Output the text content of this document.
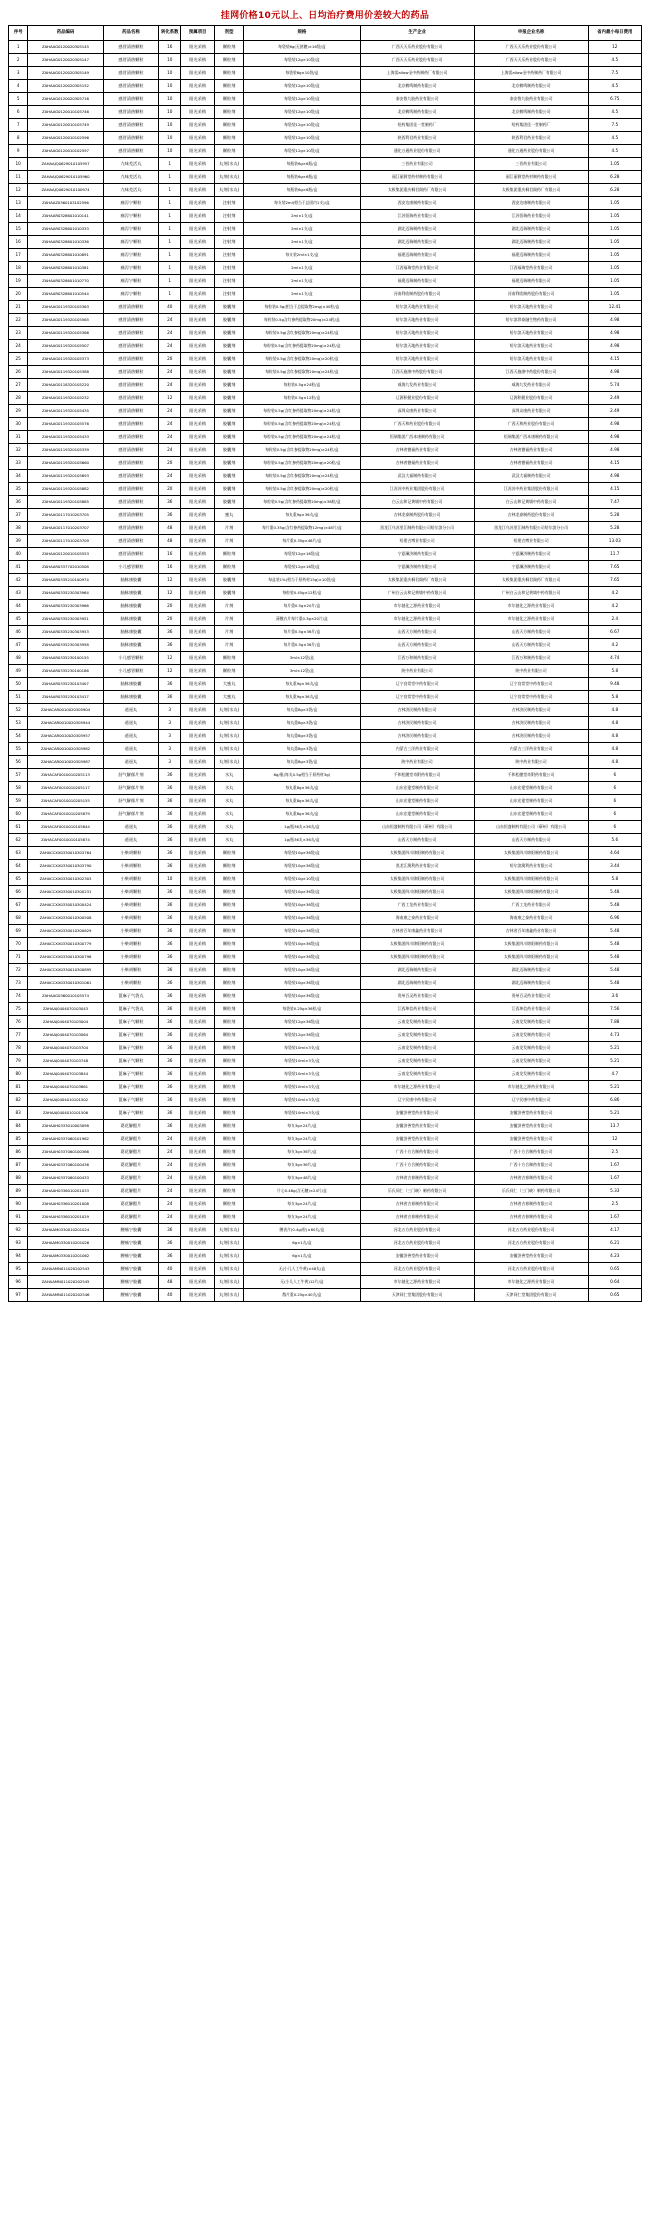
挂网价格10元以上、日均治疗费用价差较大的药品
序号	药品编码	药品名称	转化系数	预属项目	剂型	规格	生产企业	申报企业名称	省内最小每日费用
1	ZAHAAG0120020305145	感冒清热颗粒	16	阳光采购	颗粒剂	每袋装6g(无蔗糖)×16袋/盒	广西天天乐药业股份有限公司	广西天天乐药业股份有限公司	12
2	ZAHAAG0120020305147	感冒清热颗粒	10	阳光采购	颗粒剂	每袋装12g×10袋/盒	广西天天乐药业股份有限公司	广西天天乐药业股份有限公司	4.5
3	ZAHAAG0120020305149	感冒清热颗粒	10	阳光采购	颗粒剂	每袋装6g×10袋/盒	上海雷allow圣中药制药厂有限公司	上海雷allow圣中药制药厂有限公司	7.5
4	ZAHAAG0120020305152	感冒清热颗粒	10	阳光采购	颗粒剂	每袋装12g×10袋/盒	北京鹤鸣制药有限公司	北京鹤鸣制药有限公司	4.5
5	ZAHAAG0120020305716	感冒清热颗粒	10	阳光采购	颗粒剂	每袋装12g×10袋/盒	泰安鲁九胶药业有限公司	泰安鲁九胶药业有限公司	6.75
6	ZAHAAG0120010105746	感冒清热颗粒	10	阳光采购	颗粒剂	每袋装12g×10袋/盒	北京鹤鸣制药有限公司	北京鹤鸣制药有限公司	4.5
7	ZAHAAG0120010105749	感冒清热颗粒	10	阳光采购	颗粒剂	每袋装12g×10袋/盒	哈药集团佳一堂制药厂	哈药集团佳一堂制药厂	7.5
8	ZAHAAG0120010102596	感冒清热颗粒	10	阳光采购	颗粒剂	每袋装12g×10袋/盒	陕西利君药业有限公司	陕西利君药业有限公司	4.5
9	ZAHAAG0120010102597	感冒清热颗粒	10	阳光采购	颗粒剂	每袋装12g×10袋/盒	通化万通药业股份有限公司	通化万通药业股份有限公司	4.5
10	ZAHAAJQ0629010105957	九味羌活丸	1	阳光采购	丸剂(水丸)	每瓶装6g×6瓶/盒	三晋药业有限公司	三晋药业有限公司	1.05
11	ZAHAAJQ0629010105960	九味羌活丸	1	阳光采购	丸剂(水丸)	每瓶装6g×6瓶/盒	丽江丽源堂药材制药有限公司	丽江丽源堂药材制药有限公司	6.28
12	ZAHAAJQ0629010100974	九味羌活丸	1	阳光采购	丸剂(水丸)	每瓶装6g×6瓶/盒	太极集团重庆桐君阁药厂有限公司	太极集团重庆桐君阁药厂有限公司	6.28
13	ZAHAAZ0360103102596	痛泻宁颗粒	1	阳光采购	注射剂	每支装2ml(相当于总固内1支)/盒	西安边康制药有限公司	西安边康制药有限公司	1.05
14	ZAHAAR0328601010141	痛泻宁颗粒	1	阳光采购	注射剂	2ml×1支/盒	江苏恒瑞药业有限公司	江苏恒瑞药业有限公司	1.05
15	ZAHAAR0328601010333	痛泻宁颗粒	1	阳光采购	注射剂	2ml×1支/盒	湖北迈瑞制药有限公司	湖北迈瑞制药有限公司	1.05
16	ZAHAAR0328601010336	痛泻宁颗粒	1	阳光采购	注射剂	2ml×1支/盒	湖北迈瑞制药有限公司	湖北迈瑞制药有限公司	1.05
17	ZAHAAR0328601010891	痛泻宁颗粒	1	阳光采购	注射剂	每支装2ml×1支/盒	福建迈瑞制药有限公司	福建迈瑞制药有限公司	1.05
18	ZAHAAR0328601010381	痛泻宁颗粒	1	阳光采购	注射剂	2ml×1支/盒	江西福瑞堂药业有限公司	江西福瑞堂药业有限公司	1.05
19	ZAHAAR0328601010770	痛泻宁颗粒	1	阳光采购	注射剂	2ml×1支/盒	福建迈瑞制药有限公司	福建迈瑞制药有限公司	1.05
20	ZAHAAR0328601010544	痛泻宁颗粒	1	阳光采购	注射剂	2ml×1支/盒	河南利欣制药股份有限公司	河南利欣制药股份有限公司	1.05
21	ZAHAAG0119320105363	感冒清热颗粒	40	阳光采购	胶囊剂	每粒装0.5g(相当于总提取物2mg)×40粒/盒	哈尔滨天地药业有限公司	哈尔滨天地药业有限公司	12.41
22	ZAHAAG0119320105565	感冒清热颗粒	24	阳光采购	胶囊剂	每粒装0.5g含红参药提取物20mg)×24粒/盒	哈尔滨天地药业有限公司	哈尔滨珍泰融生物药有限公司	4.98
23	ZAHAAG0119320105366	感冒清热颗粒	24	阳光采购	胶囊剂	每粒装0.5g(含红参提取物20mg)×24粒/盒	哈尔滨天地药业有限公司	哈尔滨天地药业有限公司	4.98
24	ZAHAAG0119320105507	感冒清热颗粒	24	阳光采购	胶囊剂	每粒装0.5g(含红参药提取物20mg)×24粒/盒	哈尔滨天地药业有限公司	哈尔滨天地药业有限公司	4.98
25	ZAHAAG0119320105373	感冒清热颗粒	20	阳光采购	胶囊剂	每粒装0.5g(含红参提取物20mg)×20粒/盒	哈尔滨天地药业有限公司	哈尔滨天地药业有限公司	4.15
26	ZAHAAG0119320105388	感冒清热颗粒	24	阳光采购	胶囊剂	每粒装0.5g(含红参提取物20mg)×24粒/盒	江西天施康中药股份有限公司	江西天施康中药股份有限公司	4.98
27	ZAHAAG0118320105220	感冒清热颗粒	24	阳光采购	胶囊剂	每粒装0.5g×24粒/盒	威海九发药业有限公司	威海九发药业有限公司	5.74
28	ZAHAAG0119320105232	感冒清热颗粒	12	阳光采购	胶囊剂	每粒装0.5g×12粒/盒	辽源积健业股份有限公司	辽源积健业股份有限公司	2.49
29	ZAHAAG0119320105435	感冒清热颗粒	24	阳光采购	胶囊剂	每粒装0.5g(含红参药提取物20mg)×24粒/盒	深圳众康药业有限公司	深圳众康药业有限公司	2.49
30	ZAHAAG0119320105576	感冒清热颗粒	24	阳光采购	胶囊剂	每粒装0.5g(含红参药提取物20mg)×24粒/盒	广西天和药业股份有限公司	广西天和药业股份有限公司	4.98
31	ZAHAAG0119320105433	感冒清热颗粒	24	阳光采购	胶囊剂	每粒装0.5g(含红参药提取物20mg)×24粒/盒	恒瑞集团广西本康制药有限公司	恒瑞集团广西本康制药有限公司	4.98
32	ZAHAAG0119320105339	感冒清热颗粒	24	阳光采购	胶囊剂	每粒装0.5g(含红参提取物20mg)×24粒/盒	吉林省德福药业有限公司	吉林省德福药业有限公司	4.98
33	ZAHAAG0119320105660	感冒清热颗粒	20	阳光采购	胶囊剂	每粒装0.5g(含红参药提取物20mg)×20粒/盒	吉林省德福药业有限公司	吉林省德福药业有限公司	4.15
34	ZAHAAG0119320105693	感冒清热颗粒	24	阳光采购	胶囊剂	每粒装0.5g(含红参提取物20mg)×24粒/盒	武汉大福制药有限公司	武汉大福制药有限公司	4.98
35	ZAHAAG0119320105882	感冒清热颗粒	20	阳光采购	胶囊剂	每粒装0.5g(含红参提取物20mg)×20粒/盒	江苏苏中药业集团股份有限公司	江苏苏中药业集团股份有限公司	4.15
36	ZAHAAG0119320105885	感冒清热颗粒	36	阳光采购	胶囊剂	每粒装0.5g(含红参药提取物20mg)×36粒/盒	白云山和记黄埔中药有限公司	白云山和记黄埔中药有限公司	7.47
37	ZAHAAG0117010203705	感冒清热颗粒	36	阳光采购	蜜丸	每丸重9g×36丸/盒	吉林龙泰制药股份有限公司	吉林龙泰制药股份有限公司	5.28
38	ZAHAAG0117010203707	感冒清热颗粒	48	阳光采购	片剂	每片重0.35g(含红参药提取物12mg)×48片/盒	黑龙江乌苏里江制药有限公司哈尔滨分公司	黑龙江乌苏里江制药有限公司哈尔滨分公司	5.28
39	ZAHAAG0117010203709	感冒清热颗粒	48	阳光采购	片剂	每片重0.35g×48片/盒	哈建吉博业有限公司	哈建吉博业有限公司	13.03
40	ZAHAAG0120010105553	感冒清热颗粒	16	阳光采购	颗粒剂	每袋装12g×16袋/盒	宁夏澜济制药有限公司	宁夏澜济制药有限公司	11.7
41	ZAHAAR0337702010508	小儿感冒颗粒	16	阳光采购	颗粒剂	每袋装12g×16袋/盒	宁夏澜济制药有限公司	宁夏澜济制药有限公司	7.65
42	ZAHAAR0335210100974	脑脉康胶囊	12	阳光采购	胶囊剂	每盒装1%(相当于原药材15g)×10袋/盒	太极集团重庆桐君阁药厂有限公司	太极集团重庆桐君阁药厂有限公司	7.65
43	ZAHAAR0335230303964	脑脉康胶囊	12	阳光采购	胶囊剂	每粒装0.45g×12粒/盒	广州白云山和记黄埔中药有限公司	广州白云山和记黄埔中药有限公司	4.2
44	ZAHAAR0335230303966	脑脉康胶囊	20	阳光采购	片剂	每片重0.5g×20片/盒	市尔驰化之源药业有限公司	市尔驰化之源药业有限公司	4.2
45	ZAHAAR0335230303951	脑脉康胶囊	20	阳光采购	片剂	薄膜衣片每片重0.3g×20片/盒	市尔驰化之源药业有限公司	市尔驰化之源药业有限公司	2.4
46	ZAHAAR0335230303953	脑脉康胶囊	36	阳光采购	片剂	每片重0.5g×36片/盒	山西天方制药有限公司	山西天方制药有限公司	6.67
47	ZAHAAR0335230303958	脑脉康胶囊	36	阳光采购	片剂	每片重0.5g×36片/盒	山西天方制药有限公司	山西天方制药有限公司	4.2
48	ZAHAAR0335230100155	小儿感冒颗粒	12	阳光采购	颗粒剂	3ml×12袋/盒	江西万和制药有限公司	江西万和制药有限公司	4.74
49	ZAHAAR0335230100186	小儿感冒颗粒	12	阳光采购	颗粒剂	3ml×12袋/盒	陕中药业有限公司	陕中药业有限公司	5.8
50	ZAHAAR0335230103407	脑脉康胶囊	36	阳光采购	大蜜丸	每丸重9g×36丸/盒	辽宁良常堂中药有限公司	辽宁良常堂中药有限公司	9.48
51	ZAHAAR0335230103417	脑脉康胶囊	36	阳光采购	大蜜丸	每丸重9g×36丸/盒	辽宁良常堂中药有限公司	辽宁良常堂中药有限公司	5.8
52	ZAHACAR0010020305904	逍遥丸	3	阳光采购	丸剂(水丸)	每丸重8g×3袋/盒	吉林济民制药有限公司	吉林济民制药有限公司	4.8
53	ZAHACAR0010020305944	逍遥丸	3	阳光采购	丸剂(水丸)	每丸重8g×3袋/盒	吉林济民制药有限公司	吉林济民制药有限公司	4.8
54	ZAHACAR0010020305957	逍遥丸	3	阳光采购	丸剂(水丸)	每丸重8g×3袋/盒	吉林济民制药有限公司	吉林济民制药有限公司	4.8
55	ZAHACAR0010020305982	逍遥丸	3	阳光采购	丸剂(水丸)	每丸重8g×3袋/盒	内蒙古三洋药业有限公司	内蒙古三洋药业有限公司	4.8
56	ZAHACAR0010020305987	逍遥丸	3	阳光采购	丸剂(水丸)	每丸重8g×3袋/盒	陕中药业有限公司	陕中药业有限公司	4.8
57	ZAHACAF0010010205113	舒气解郁片剂	36	阳光采购	水丸	6g/瓶(每丸0.5g相当于原药材3g)	千和松膜堂奇附药有限公司	千和松膜堂奇附药有限公司	6
58	ZAHACAF0010010205117	舒气解郁片剂	36	阳光采购	水丸	每丸重8g×36丸/盒	山东宏建堂制药有限公司	山东宏建堂制药有限公司	6
59	ZAHACAF0010010205155	舒气解郁片剂	36	阳光采购	水丸	每丸重8g×36丸/盒	山东宏建堂制药有限公司	山东宏建堂制药有限公司	6
60	ZAHACAF0010010205879	舒气解郁片剂	36	阳光采购	水丸	每丸重8g×36丸/盒	山东宏建堂制药有限公司	山东宏建堂制药有限公司	6
61	ZAHACAF0010010105844	逍遥丸	36	阳光采购	水丸	1g/瓶36丸×36丸/盒	山东恒盛制药有限公司（蕲州）有限公司	山东恒盛制药有限公司（蕲州）有限公司	6
62	ZAHACAF0010010105874	逍遥丸	36	阳光采购	水丸	1g/瓶36丸×36丸/盒	山西天方制药有限公司	山西天方制药有限公司	5.6
63	ZAHACCXX0330010303764	小柴胡颗粒	36	阳光采购	颗粒剂	每袋装10g×36袋/盒	太极集团四川绵阳制药有限公司	太极集团四川绵阳制药有限公司	4.64
64	ZAHACCXX0330010303790	小柴胡颗粒	36	阳光采购	颗粒剂	每袋装10g×36袋/盒	黑龙江澳利药业有限公司	哈尔滨澳利药业有限公司	3.44
65	ZAHACCXX0330010302303	小柴胡颗粒	10	阳光采购	颗粒剂	每袋装10g×10袋/盒	太极集团四川绵阳制药有限公司	太极集团四川绵阳制药有限公司	5.8
66	ZAHACCXX0330010300231	小柴胡颗粒	36	阳光采购	颗粒剂	每袋装10g×36袋/盒	太极集团四川绵阳制药有限公司	太极集团四川绵阳制药有限公司	5.48
67	ZAHACCXX0330010300424	小柴胡颗粒	36	阳光采购	颗粒剂	每袋装10g×36袋/盒	广西工龙药业有限公司	广西工龙药业有限公司	5.48
68	ZAHACCXX0330010300508	小柴胡颗粒	36	阳光采购	颗粒剂	每袋装10g×36袋/盒	海南康之泰药业有限公司	海南康之泰药业有限公司	6.96
69	ZAHACCXX0330010300629	小柴胡颗粒	36	阳光采购	颗粒剂	每袋装10g×36袋/盒	吉林省百年康鑫药业有限公司	吉林省百年康鑫药业有限公司	5.48
70	ZAHACCXX0330010300779	小柴胡颗粒	36	阳光采购	颗粒剂	每袋装10g×36袋/盒	太极集团四川绵阳制药有限公司	太极集团四川绵阳制药有限公司	5.48
71	ZAHACCXX0330010300796	小柴胡颗粒	36	阳光采购	颗粒剂	每袋装10g×36袋/盒	太极集团四川绵阳制药有限公司	太极集团四川绵阳制药有限公司	5.48
72	ZAHACCXX0330010300895	小柴胡颗粒	36	阳光采购	颗粒剂	每袋装10g×36袋/盒	湖北迈瑞制药有限公司	湖北迈瑞制药有限公司	5.48
73	ZAHACCXX0330010301061	小柴胡颗粒	36	阳光采购	颗粒剂	每袋装10g×36袋/盒	湖北迈瑞制药有限公司	湖北迈瑞制药有限公司	5.48
74	ZAHAAG0360010105574	蓖麻子气袋丸	36	阳光采购	颗粒剂	每袋装10g×36袋/盒	贵州百灵药业有限公司	贵州百灵药业有限公司	3.6
75	ZAHAAJ0404070103043	蓖麻子气袋丸	36	阳光采购	颗粒剂	每袋装0.25g×36粒/盒	江西坤信药业有限公司	江西坤信药业有限公司	7.56
76	ZAHAAJ0404070103004	蓖麻子气颗粒	36	阳光采购	颗粒剂	每袋装12g×36袋/盒	云南龙发制药有限公司	云南龙发制药有限公司	7.88
77	ZAHAAJ0404070103064	蓖麻子气颗粒	36	阳光采购	颗粒剂	每袋装12g×36袋/盒	云南龙发制药有限公司	云南龙发制药有限公司	4.73
78	ZAHAAJ0404070103704	蓖麻子气颗粒	36	阳光采购	颗粒剂	每袋装10ml×3支/盒	云南龙发制药有限公司	云南龙发制药有限公司	5.21
79	ZAHAAJ0404070103748	蓖麻子气颗粒	36	阳光采购	颗粒剂	每袋装10ml×3支/盒	云南龙发制药有限公司	云南龙发制药有限公司	5.21
80	ZAHAAJ0404070103844	蓖麻子气颗粒	36	阳光采购	颗粒剂	每袋装10ml×3支/盒	云南龙发制药有限公司	云南龙发制药有限公司	4.7
81	ZAHAAJ0404070103861	蓖麻子气颗粒	36	阳光采购	颗粒剂	每袋装10ml×3支/盒	市尔驰化之源药业有限公司	市尔驰化之源药业有限公司	5.21
82	ZAHAAJ0404010101502	蓖麻子气颗粒	36	阳光采购	颗粒剂	每袋装10ml×3支/盒	辽宁民康中药有限公司	辽宁民康中药有限公司	6.86
83	ZAHAAJ0404010101506	蓖麻子气颗粒	36	阳光采购	颗粒剂	每袋装10ml×3支/盒	安徽济善堂药业有限公司	安徽济善堂药业有限公司	5.21
84	ZAHAAH0333010003098	葛花解酲片	36	阳光采购	颗粒剂	每支3g×24片/盒	安徽济善堂药业有限公司	安徽济善堂药业有限公司	13.7
85	ZAHAAH0337060101962	葛花解酲片	24	阳光采购	颗粒剂	每支3g×24片/盒	安徽济善堂药业有限公司	安徽济善堂药业有限公司	12
86	ZAHAAH0337060100366	葛花解酲片	24	阳光采购	颗粒剂	每支3g×36片/盒	广西十方合制药有限公司	广西十方合制药有限公司	2.5
87	ZAHAAH0337060100436	葛花解酲片	24	阳光采购	颗粒剂	每支3g×36片/盒	广西十方合制药有限公司	广西十方合制药有限公司	1.67
88	ZAHAAH0337060100433	葛花解酲片	24	阳光采购	颗粒剂	每支3g×48片/盒	吉林省吉春制药有限公司	吉林省吉春制药有限公司	1.67
89	ZAHAAH0336010201033	葛花解酲片	24	阳光采购	颗粒剂	片心0.48g(含无糖)×24片/盒	乐氏同仁（三门峡）制药有限公司	乐氏同仁（三门峡）制药有限公司	5.33
90	ZAHAAH0336010201008	葛花解酲片	24	阳光采购	颗粒剂	每支3g×24片/盒	吉林省吉春制药有限公司	吉林省吉春制药有限公司	2.5
91	ZAHAAH0336010201029	葛花解酲片	24	阳光采购	颗粒剂	每支3g×24片/盒	吉林省吉春制药有限公司	吉林省吉春制药有限公司	1.67
92	ZAHAAM0330010201024	腰痛宁胶囊	36	阳光采购	丸剂(水丸)	腰表片(0.4g/粒)×60丸/盒	河北五方药业股份有限公司	河北五方药业股份有限公司	4.17
93	ZAHAAM0330010201026	腰痛宁胶囊	36	阳光采购	丸剂(水丸)	6g×1丸/盒	河北五方药业股份有限公司	河北五方药业股份有限公司	6.21
94	ZAHAAM0330010201062	腰痛宁胶囊	36	阳光采购	丸剂(水丸)	6g×1丸/盒	安徽济善堂药业有限公司	安徽济善堂药业有限公司	4.23
95	ZAHAAMN011020202543	腰痛宁胶囊	40	阳光采购	丸剂(水丸)	无(小儿人工牛黄)×48丸/盒	河北五方药业股份有限公司	河北五方药业股份有限公司	0.65
96	ZAHAAMN011020202545	腰痛宁胶囊	48	阳光采购	丸剂(水丸)	无(小儿人工牛黄)12片/盒	市尔驰化之源药业有限公司	市尔驰化之源药业有限公司	0.64
97	ZAHAAMN011020202546	腰痛宁胶囊	40	阳光采购	丸剂(水丸)	散片重0.25g×40丸/盒	天津同仁堂集团股份有限公司	天津同仁堂集团股份有限公司	0.65
